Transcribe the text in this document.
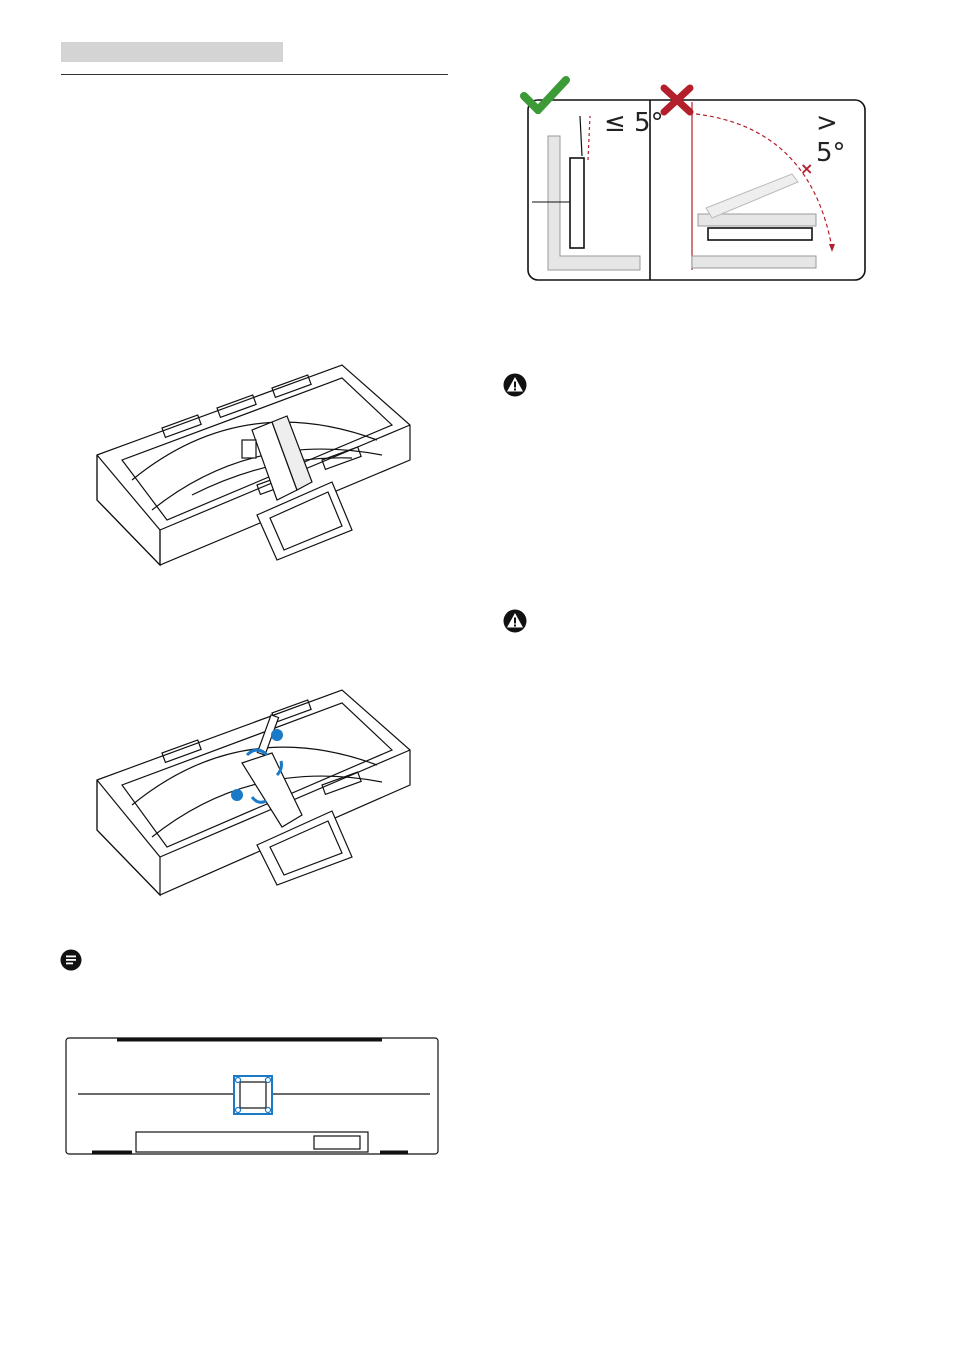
×
≤ 5°	> 5°
